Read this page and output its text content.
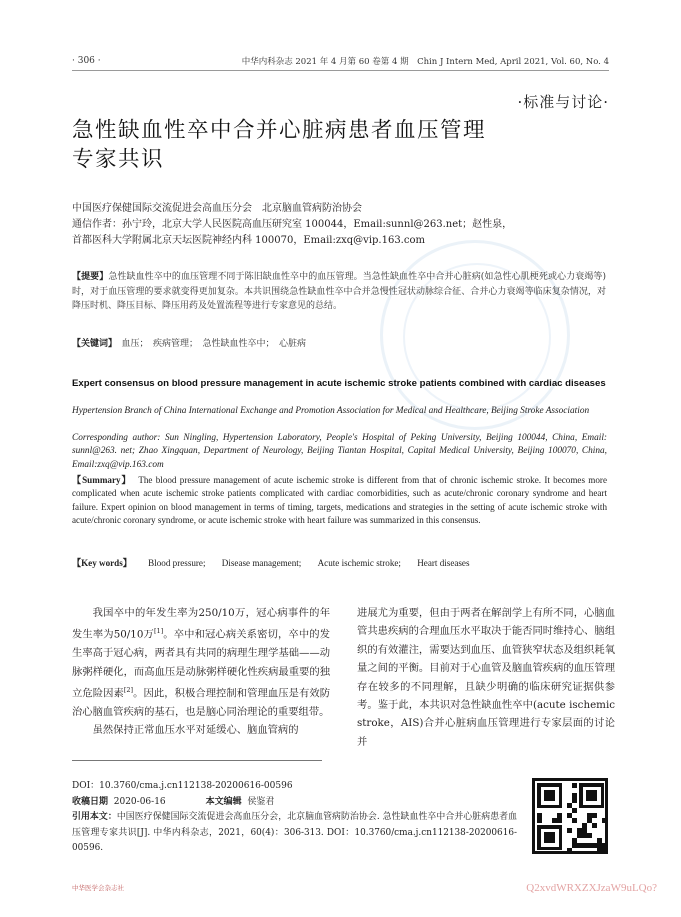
· 306 ·	中华内科杂志 2021 年 4 月第 60 卷第 4 期　Chin J Intern Med, April 2021, Vol. 60, No. 4
·标准与讨论·
急性缺血性卒中合并心脏病患者血压管理
专家共识
中国医疗保健国际交流促进会高血压分会　北京脑血管病防治协会
通信作者：孙宁玲，北京大学人民医院高血压研究室 100044，Email:sunnl@263.net；赵性泉，
首都医科大学附属北京天坛医院神经内科 100070，Email:zxq@vip.163.com
【提要】急性缺血性卒中的血压管理不同于陈旧缺血性卒中的血压管理。当急性缺血性卒中合并心脏病(如急性心肌梗死或心力衰竭等)时，对于血压管理的要求就变得更加复杂。本共识围绕急性缺血性卒中合并急慢性冠状动脉综合征、合并心力衰竭等临床复杂情况，对降压时机、降压目标、降压用药及处置流程等进行专家意见的总结。
【关键词】　 血压；　疾病管理；　急性缺血性卒中；　心脏病
Expert consensus on blood pressure management in acute ischemic stroke patients combined with cardiac diseases
Hypertension Branch of China International Exchange and Promotion Association for Medical and Healthcare, Beijing Stroke Association
Corresponding author: Sun Ningling, Hypertension Laboratory, People's Hospital of Peking University, Beijing 100044, China, Email: sunnl@263. net; Zhao Xingquan, Department of Neurology, Beijing Tiantan Hospital, Capital Medical University, Beijing 100070, China, Email:zxq@vip.163.com
【Summary】 The blood pressure management of acute ischemic stroke is different from that of chronic ischemic stroke. It becomes more complicated when acute ischemic stroke patients complicated with cardiac comorbidities, such as acute/chronic coronary syndrome and heart failure. Expert opinion on blood management in terms of timing, targets, medications and strategies in the setting of acute ischemic stroke with acute/chronic coronary syndrome, or acute ischemic stroke with heart failure was summarized in this consensus.
【Key words】 Blood pressure; Disease management; Acute ischemic stroke; Heart diseases

我国卒中的年发生率为250/10万，冠心病事件的年发生率为50/10万[1]。卒中和冠心病关系密切，卒中的发生率高于冠心病，两者具有共同的病理生理学基础——动脉粥样硬化，而高血压是动脉粥样硬化性疾病最重要的独立危险因素[2]。因此，积极合理控制和管理血压是有效防治心脑血管疾病的基石，也是脑心同治理论的重要组带。

虽然保持正常血压水平对延缓心、脑血管病的

进展尤为重要，但由于两者在解剖学上有所不同，心脑血管共患疾病的合理血压水平取决于能否同时维持心、脑组织的有效灌注，需要达到血压、血管狭窄状态及组织耗氧量之间的平衡。目前对于心血管及脑血管疾病的血压管理存在较多的不同理解，且缺少明确的临床研究证据供参考。鉴于此，本共识对急性缺血性卒中(acute ischemic stroke，AIS)合并心脏病血压管理进行专家层面的讨论并

DOI：10.3760/cma.j.cn112138-20200616-00596
收稿日期 2020-06-16	本文编辑 侯鉴君
引用本文：中国医疗保健国际交流促进会高血压分会，北京脑血管病防治协会. 急性缺血性卒中合并心脏病患者血压管理专家共识[J]. 中华内科杂志，2021，60(4)：306-313. DOI：10.3760/cma.j.cn112138-20200616-00596.
中华医学会杂志社	Q2xvdWRXZXJzaW9uLQo?
